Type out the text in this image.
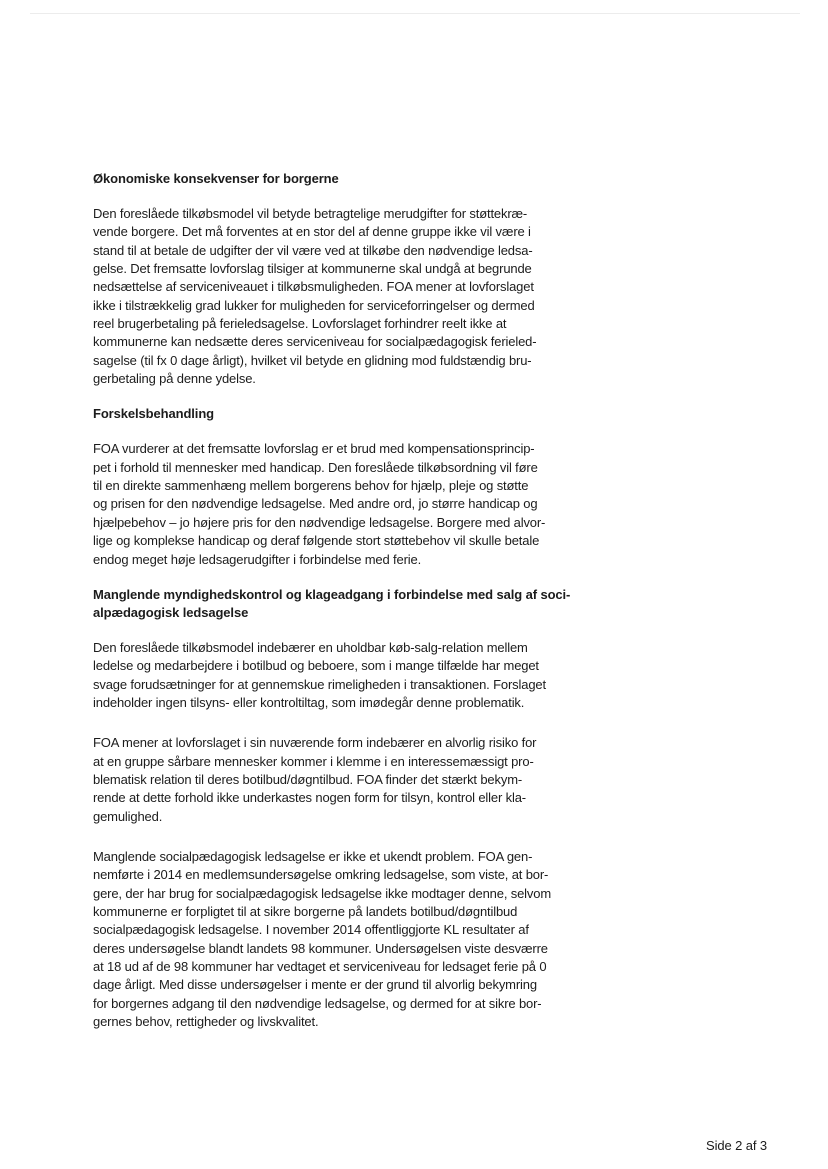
Økonomiske konsekvenser for borgerne
Den foreslåede tilkøbsmodel vil betyde betragtelige merudgifter for støttekræ-
vende borgere. Det må forventes at en stor del af denne gruppe ikke vil være i
stand til at betale de udgifter der vil være ved at tilkøbe den nødvendige ledsa-
gelse. Det fremsatte lovforslag tilsiger at kommunerne skal undgå at begrunde
nedsættelse af serviceniveauet i tilkøbsmuligheden. FOA mener at lovforslaget
ikke i tilstrækkelig grad lukker for muligheden for serviceforringelser og dermed
reel brugerbetaling på ferieledsagelse. Lovforslaget forhindrer reelt ikke at
kommunerne kan nedsætte deres serviceniveau for socialpædagogisk ferieled-
sagelse (til fx 0 dage årligt), hvilket vil betyde en glidning mod fuldstændig bru-
gerbetaling på denne ydelse.
Forskelsbehandling
FOA vurderer at det fremsatte lovforslag er et brud med kompensationsprincip-
pet i forhold til mennesker med handicap. Den foreslåede tilkøbsordning vil føre
til en direkte sammenhæng mellem borgerens behov for hjælp, pleje og støtte
og prisen for den nødvendige ledsagelse. Med andre ord, jo større handicap og
hjælpebehov – jo højere pris for den nødvendige ledsagelse. Borgere med alvor-
lige og komplekse handicap og deraf følgende stort støttebehov vil skulle betale
endog meget høje ledsagerudgifter i forbindelse med ferie.
Manglende myndighedskontrol og klageadgang i forbindelse med salg af soci-
alpædagogisk ledsagelse
Den foreslåede tilkøbsmodel indebærer en uholdbar køb-salg-relation mellem
ledelse og medarbejdere i botilbud og beboere, som i mange tilfælde har meget
svage forudsætninger for at gennemskue rimeligheden i transaktionen. Forslaget
indeholder ingen tilsyns- eller kontroltiltag, som imødegår denne problematik.
FOA mener at lovforslaget i sin nuværende form indebærer en alvorlig risiko for
at en gruppe sårbare mennesker kommer i klemme i en interessemæssigt pro-
blematisk relation til deres botilbud/døgntilbud. FOA finder det stærkt bekym-
rende at dette forhold ikke underkastes nogen form for tilsyn, kontrol eller kla-
gemulighed.
Manglende socialpædagogisk ledsagelse er ikke et ukendt problem. FOA gen-
nemførte i 2014 en medlemsundersøgelse omkring ledsagelse, som viste, at bor-
gere, der har brug for socialpædagogisk ledsagelse ikke modtager denne, selvom
kommunerne er forpligtet til at sikre borgerne på landets botilbud/døgntilbud
socialpædagogisk ledsagelse. I november 2014 offentliggjorte KL resultater af
deres undersøgelse blandt landets 98 kommuner. Undersøgelsen viste desværre
at 18 ud af de 98 kommuner har vedtaget et serviceniveau for ledsaget ferie på 0
dage årligt. Med disse undersøgelser i mente er der grund til alvorlig bekymring
for borgernes adgang til den nødvendige ledsagelse, og dermed for at sikre bor-
gernes behov, rettigheder og livskvalitet.
Side 2 af 3
